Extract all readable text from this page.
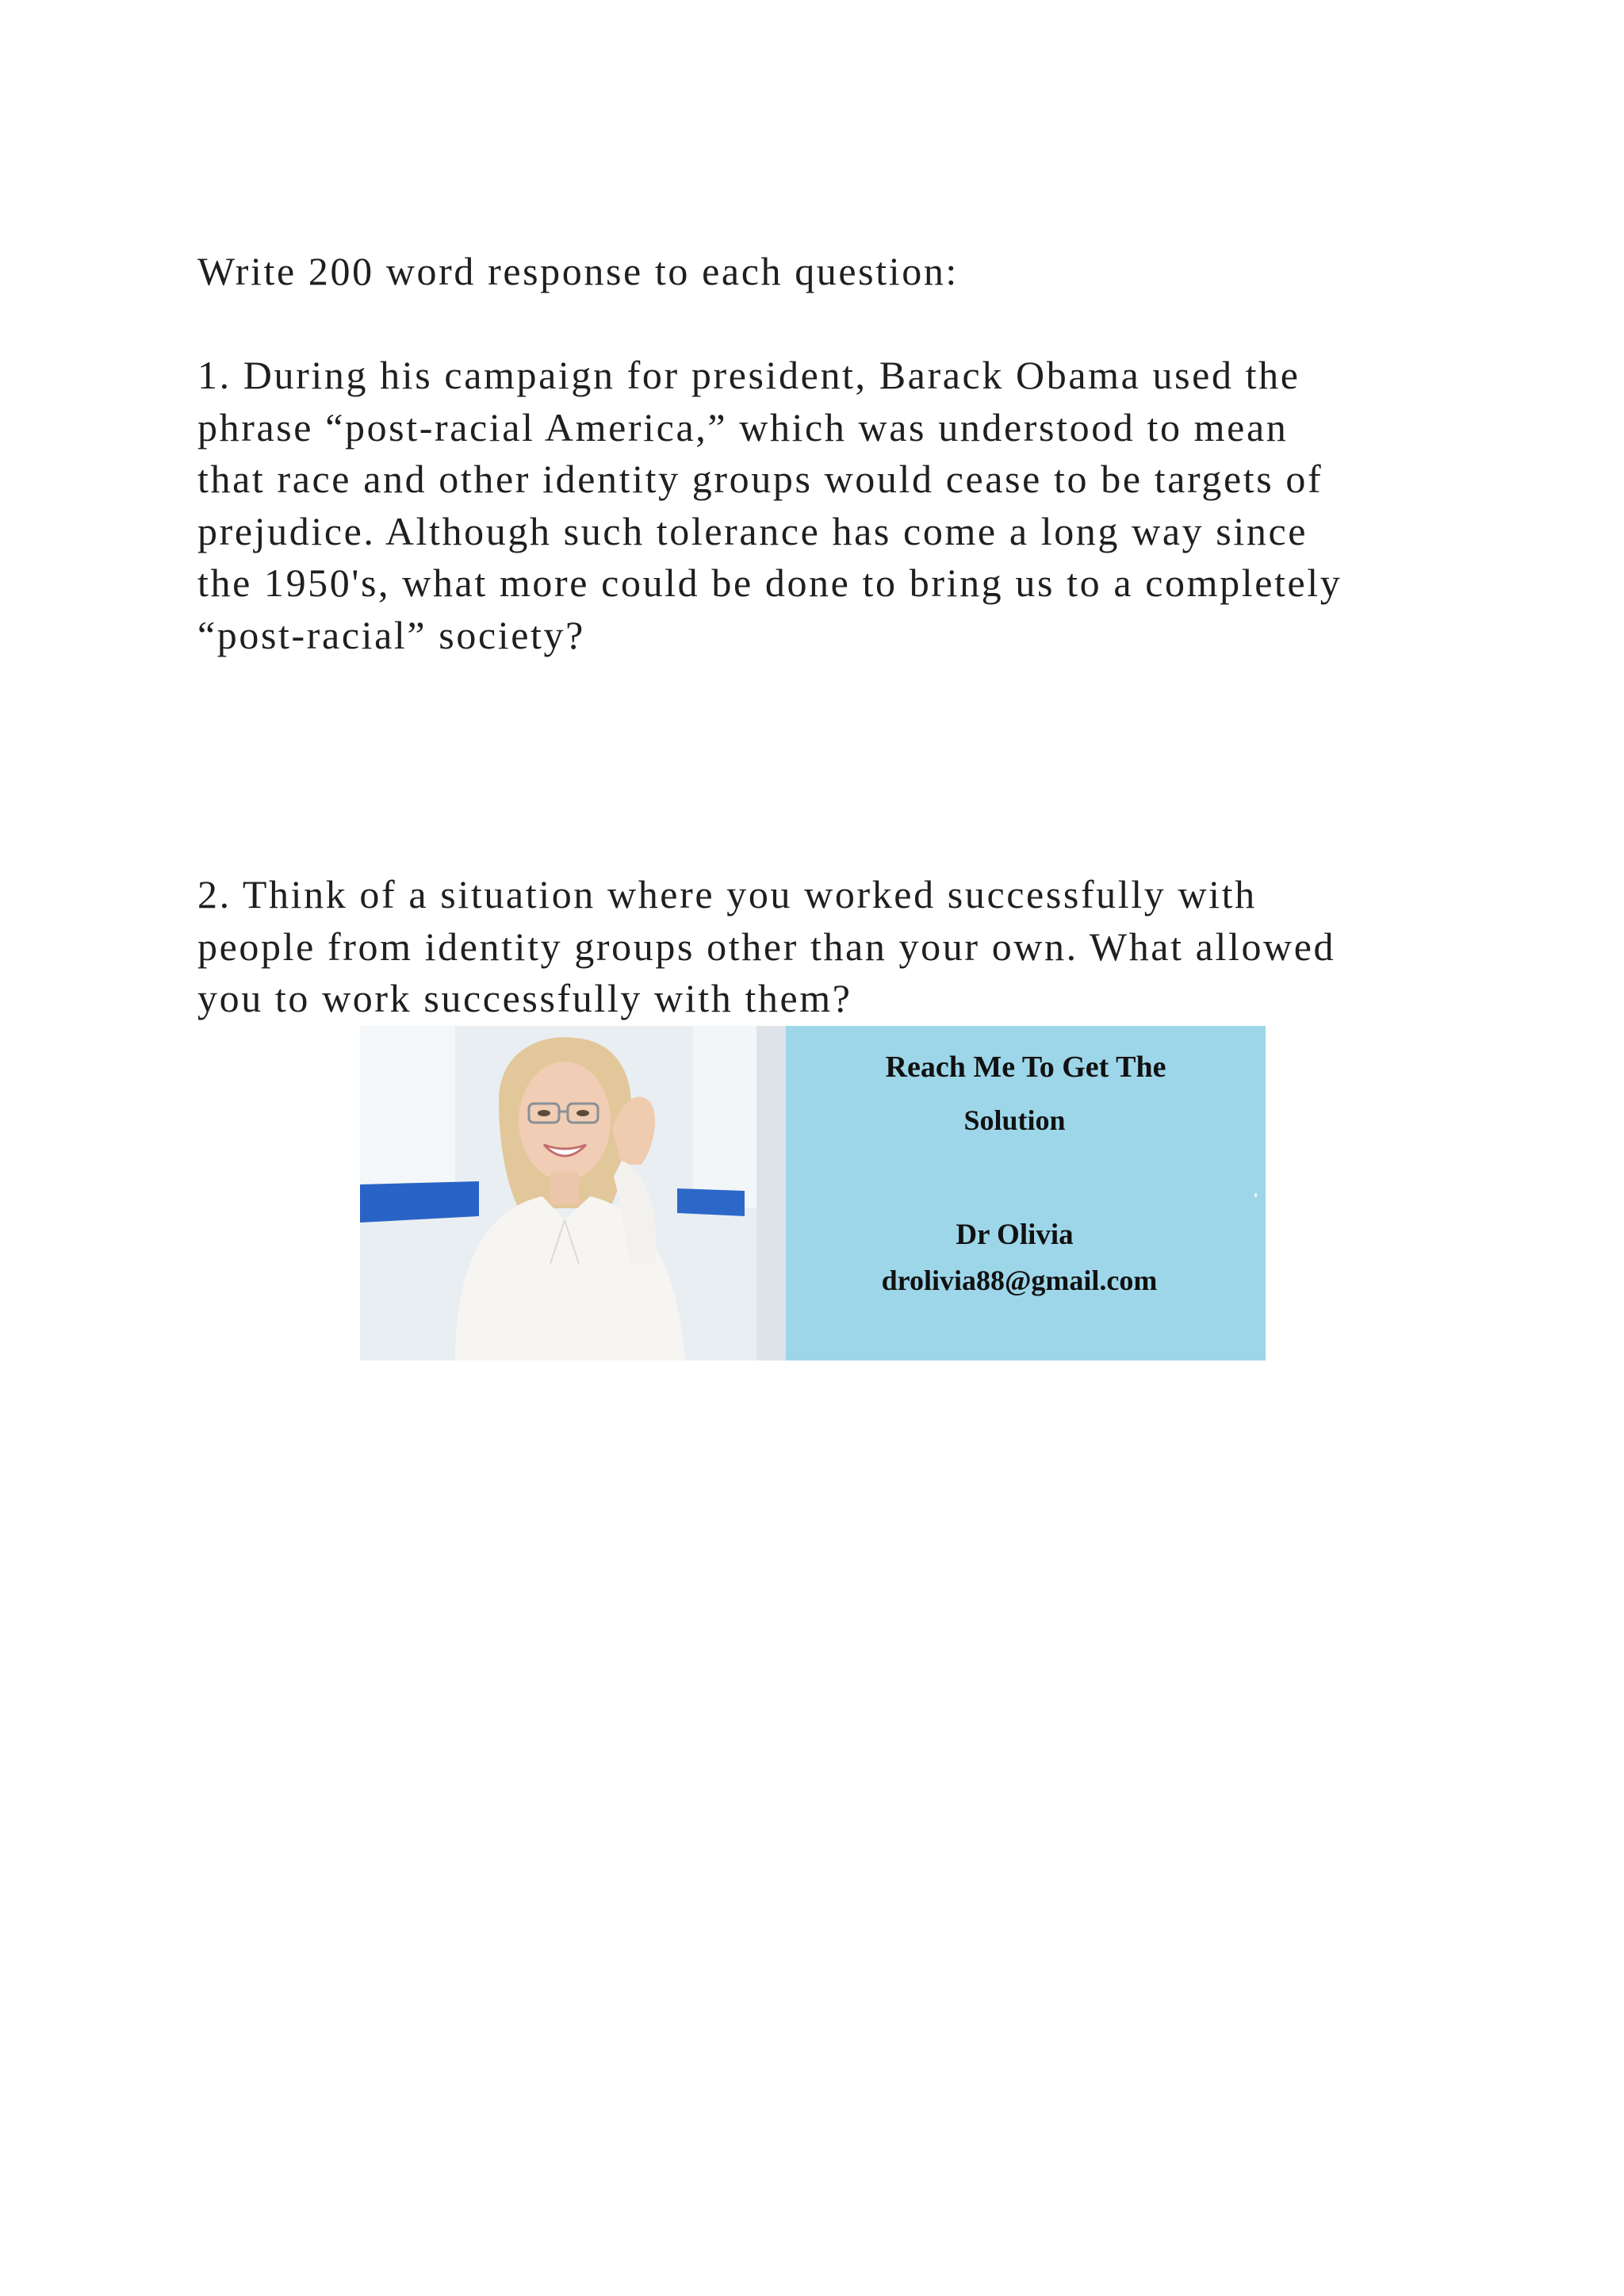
Write 200 word response to each question:
1. During his campaign for president, Barack Obama used the
phrase “post-racial America,” which was understood to mean
that race and other identity groups would cease to be targets of
prejudice. Although such tolerance has come a long way since
the 1950's, what more could be done to bring us to a completely
“post-racial” society?
2. Think of a situation where you worked successfully with
people from identity groups other than your own. What allowed
you to work successfully with them?
Reach Me To Get The
Solution
Dr Olivia
drolivia88@gmail.com
